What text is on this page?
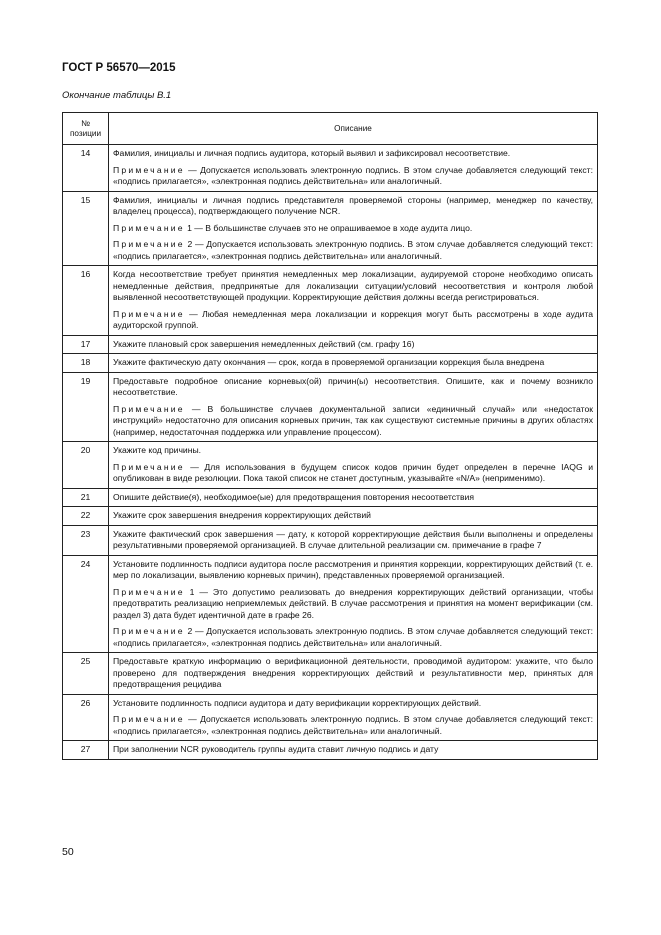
ГОСТ Р 56570—2015
Окончание таблицы В.1
№ позиции	Описание
14	Фамилия, инициалы и личная подпись аудитора, который выявил и зафиксировал несоответствие.

Примечание — Допускается использовать электронную подпись. В этом случае добавляется следующий текст: «подпись прилагается», «электронная подпись действительна» или аналогичный.

15	Фамилия, инициалы и личная подпись представителя проверяемой стороны (например, менеджер по качеству, владелец процесса), подтверждающего получение NCR.

Примечание 1 — В большинстве случаев это не опрашиваемое в ходе аудита лицо.

Примечание 2 — Допускается использовать электронную подпись. В этом случае добавляется следующий текст: «подпись прилагается», «электронная подпись действительна» или аналогичный.

16	Когда несоответствие требует принятия немедленных мер локализации, аудируемой стороне необходимо описать немедленные действия, предпринятые для локализации ситуации/условий несоответствия и контроля любой выявленной несоответствующей продукции. Корректирующие действия должны всегда регистрироваться.

Примечание — Любая немедленная мера локализации и коррекция могут быть рассмотрены в ходе аудита аудиторской группой.

17	Укажите плановый срок завершения немедленных действий (см. графу 16)

18	Укажите фактическую дату окончания — срок, когда в проверяемой организации коррекция была внедрена

19	Предоставьте подробное описание корневых(ой) причин(ы) несоответствия. Опишите, как и почему возникло несоответствие.

Примечание — В большинстве случаев документальной записи «единичный случай» или «недостаток инструкций» недостаточно для описания корневых причин, так как существуют системные причины в других областях (например, недостаточная поддержка или управление процессом).

20	Укажите код причины.

Примечание — Для использования в будущем список кодов причин будет определен в перечне IAQG и опубликован в виде резолюции. Пока такой список не станет доступным, указывайте «N/A» (неприменимо).

21	Опишите действие(я), необходимое(ые) для предотвращения повторения несоответствия

22	Укажите срок завершения внедрения корректирующих действий

23	Укажите фактический срок завершения — дату, к которой корректирующие действия были выполнены и определены результативными проверяемой организацией. В случае длительной реализации см. примечание в графе 7

24	Установите подлинность подписи аудитора после рассмотрения и принятия коррекции, корректирующих действий (т. е. мер по локализации, выявлению корневых причин), представленных проверяемой организацией.

Примечание 1 — Это допустимо реализовать до внедрения корректирующих действий организации, чтобы предотвратить реализацию неприемлемых действий. В случае рассмотрения и принятия на момент верификации (см. раздел 3) дата будет идентичной дате в графе 26.

Примечание 2 — Допускается использовать электронную подпись. В этом случае добавляется следующий текст: «подпись прилагается», «электронная подпись действительна» или аналогичный.

25	Предоставьте краткую информацию о верификационной деятельности, проводимой аудитором: укажите, что было проверено для подтверждения внедрения корректирующих действий и результативности мер, принятых для предотвращения рецидива

26	Установите подлинность подписи аудитора и дату верификации корректирующих действий.

Примечание — Допускается использовать электронную подпись. В этом случае добавляется следующий текст: «подпись прилагается», «электронная подпись действительна» или аналогичный.

27	При заполнении NCR руководитель группы аудита ставит личную подпись и дату

50
